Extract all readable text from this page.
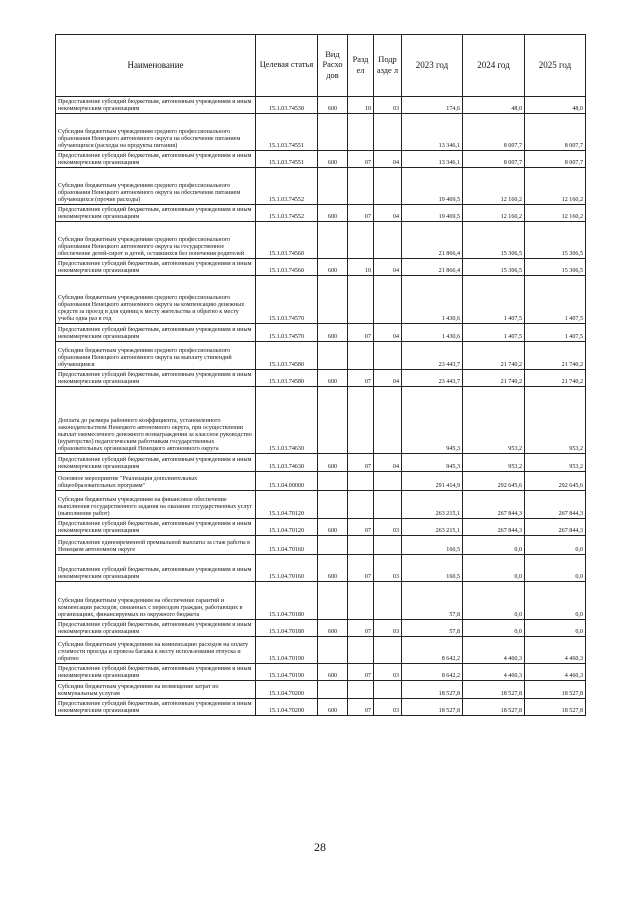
Наименование	Целевая статья	Вид Расхо дов	Разд ел	Подр азде л	2023 год	2024 год	2025 год
Предоставление субсидий бюджетным, автономным учреждениям и иным некоммерческим организациям	15.1.03.74530	600	10	03	174,6	48,0	48,0
Субсидии бюджетным учреждениям среднего профессионального образования Ненецкого автономного округа на обеспечение питанием обучающихся (расходы на продукты питания)	15.1.03.74551				13 346,1	8 007,7	8 007,7
Предоставление субсидий бюджетным, автономным учреждениям и иным некоммерческим организациям	15.1.03.74551	600	07	04	13 346,1	8 007,7	8 007,7
Субсидии бюджетным учреждениям среднего профессионального образования Ненецкого автономного округа на обеспечение питанием обучающихся (прочие расходы)	15.1.03.74552				19 469,5	12 160,2	12 160,2
Предоставление субсидий бюджетным, автономным учреждениям и иным некоммерческим организациям	15.1.03.74552	600	07	04	19 469,5	12 160,2	12 160,2
Субсидии бюджетным учреждениям среднего профессионального образования Ненецкого автономного округа на государственное обеспечение детей-сирот и детей, оставшихся без попечения родителей	15.1.03.74560				21 866,4	15 306,5	15 306,5
Предоставление субсидий бюджетным, автономным учреждениям и иным некоммерческим организациям	15.1.03.74560	600	10	04	21 866,4	15 306,5	15 306,5
Субсидии бюджетным учреждениям среднего профессионального образования Ненецкого автономного округа на компенсацию денежных средств за проезд в для единиц к месту жительства и обратно к месту учебы одна раз в год	15.1.03.74570				1 430,6	1 407,5	1 407,5
Предоставление субсидий бюджетным, автономным учреждениям и иным некоммерческим организациям	15.1.03.74570	600	07	04	1 430,6	1 407,5	1 407,5
Субсидии бюджетным учреждениям среднего профессионального образования Ненецкого автономного округа на выплату стипендий обучающимся	15.1.03.74580				23 443,7	21 740,2	21 740,2
Предоставление субсидий бюджетным, автономным учреждениям и иным некоммерческим организациям	15.1.03.74580	600	07	04	23 443,7	21 740,2	21 740,2
Доплата до размера районного коэффициента, установленного законодательством Ненецкого автономного округа, при осуществлении выплат ежемесячного денежного вознаграждения за классное руководство (кураторство) педагогическим работникам государственных образовательных организаций Ненецкого автономного округа	15.1.03.74630				945,3	953,2	953,2
Предоставление субсидий бюджетным, автономным учреждениям и иным некоммерческим организациям	15.1.03.74630	600	07	04	945,3	953,2	953,2
Основное мероприятие "Реализация дополнительных общеобразовательных программ"	15.1.04.00000				291 414,9	292 645,6	292 645,6
Субсидии бюджетным учреждениям на финансовое обеспечение выполнения государственного задания на оказание государственных услуг (выполнение работ)	15.1.04.70120				263 215,1	267 844,3	267 844,3
Предоставление субсидий бюджетным, автономным учреждениям и иным некоммерческим организациям	15.1.04.70120	600	07	03	263 215,1	267 844,3	267 844,3
Предоставление единовременной премиальной выплаты за стаж работы в Ненецком автономном округе	15.1.04.70160				160,5	0,0	0,0
Предоставление субсидий бюджетным, автономным учреждениям и иным некоммерческим организациям	15.1.04.70160	600	07	03	160,5	0,0	0,0
Субсидии бюджетным учреждениям на обеспечение гарантий и компенсации расходов, связанных с переездом граждан, работающих в организациях, финансируемых из окружного бюджета	15.1.04.70180				57,8	0,0	0,0
Предоставление субсидий бюджетным, автономным учреждениям и иным некоммерческим организациям	15.1.04.70180	600	07	03	57,8	0,0	0,0
Субсидии бюджетным учреждениям на компенсацию расходов на оплату стоимости проезда и провоза багажа к месту использования отпуска и обратно	15.1.04.70190				8 642,2	4 460,3	4 460,3
Предоставление субсидий бюджетным, автономным учреждениям и иным некоммерческим организациям	15.1.04.70190	600	07	03	8 642,2	4 460,3	4 460,3
Субсидии бюджетным учреждениям на возмещение затрат по коммунальным услугам	15.1.04.70200				18 527,8	18 527,8	18 527,8
Предоставление субсидий бюджетным, автономным учреждениям и иным некоммерческим организациям	15.1.04.70200	600	07	03	18 527,8	18 527,8	18 527,8
28
